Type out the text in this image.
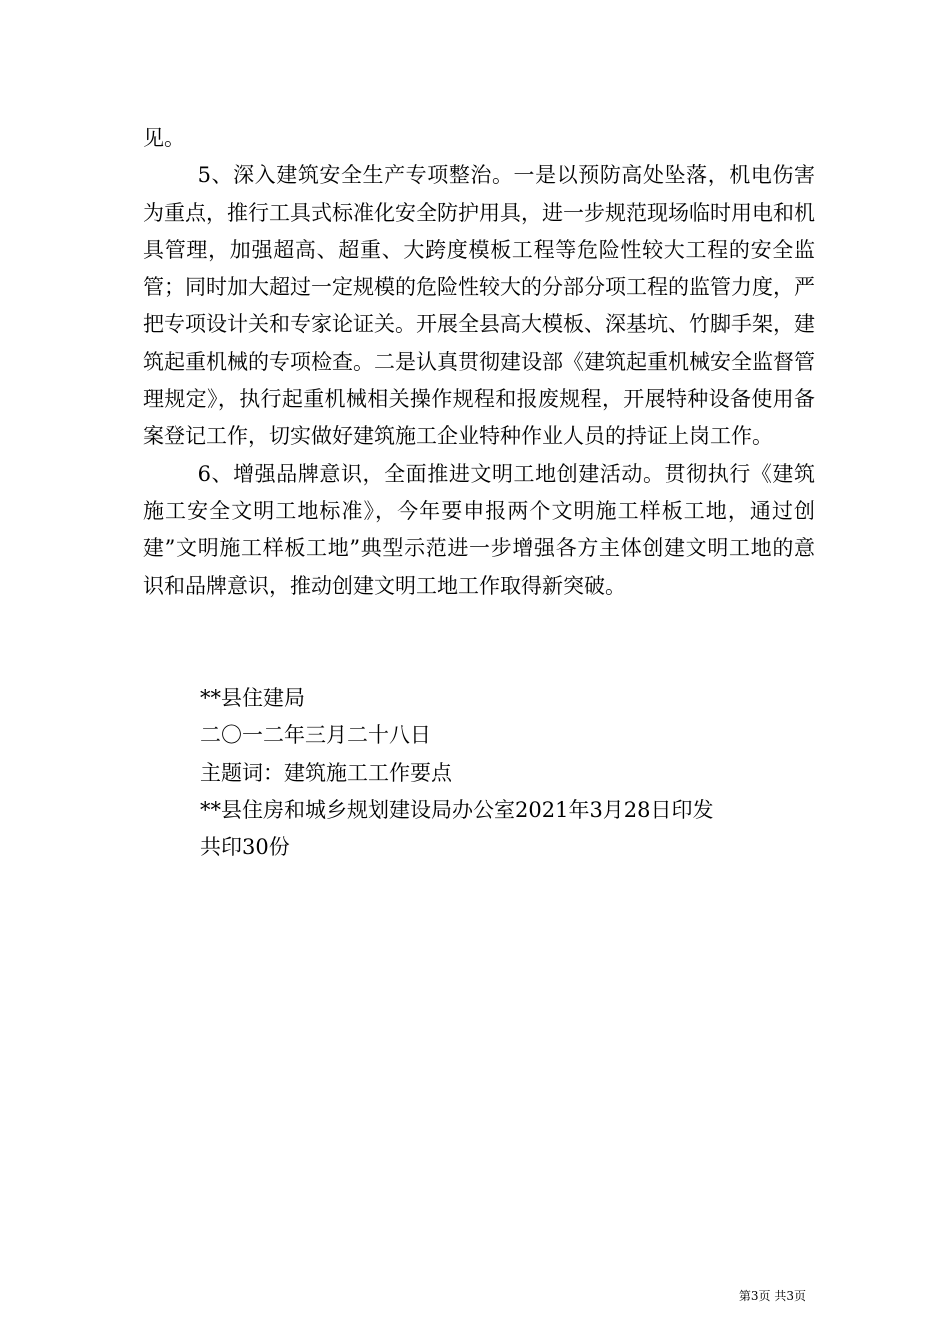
见。

5、深入建筑安全生产专项整治。一是以预防高处坠落，机电伤害为重点，推行工具式标准化安全防护用具，进一步规范现场临时用电和机具管理，加强超高、超重、大跨度模板工程等危险性较大工程的安全监管；同时加大超过一定规模的危险性较大的分部分项工程的监管力度，严把专项设计关和专家论证关。开展全县高大模板、深基坑、竹脚手架，建筑起重机械的专项检查。二是认真贯彻建设部《建筑起重机械安全监督管理规定》，执行起重机械相关操作规程和报废规程，开展特种设备使用备案登记工作，切实做好建筑施工企业特种作业人员的持证上岗工作。

6、增强品牌意识，全面推进文明工地创建活动。贯彻执行《建筑施工安全文明工地标准》，今年要申报两个文明施工样板工地，通过创建”文明施工样板工地”典型示范进一步增强各方主体创建文明工地的意识和品牌意识，推动创建文明工地工作取得新突破。

**县住建局
二〇一二年三月二十八日
主题词：建筑施工工作要点
**县住房和城乡规划建设局办公室2021年3月28日印发
共印30份
第3页 共3页
